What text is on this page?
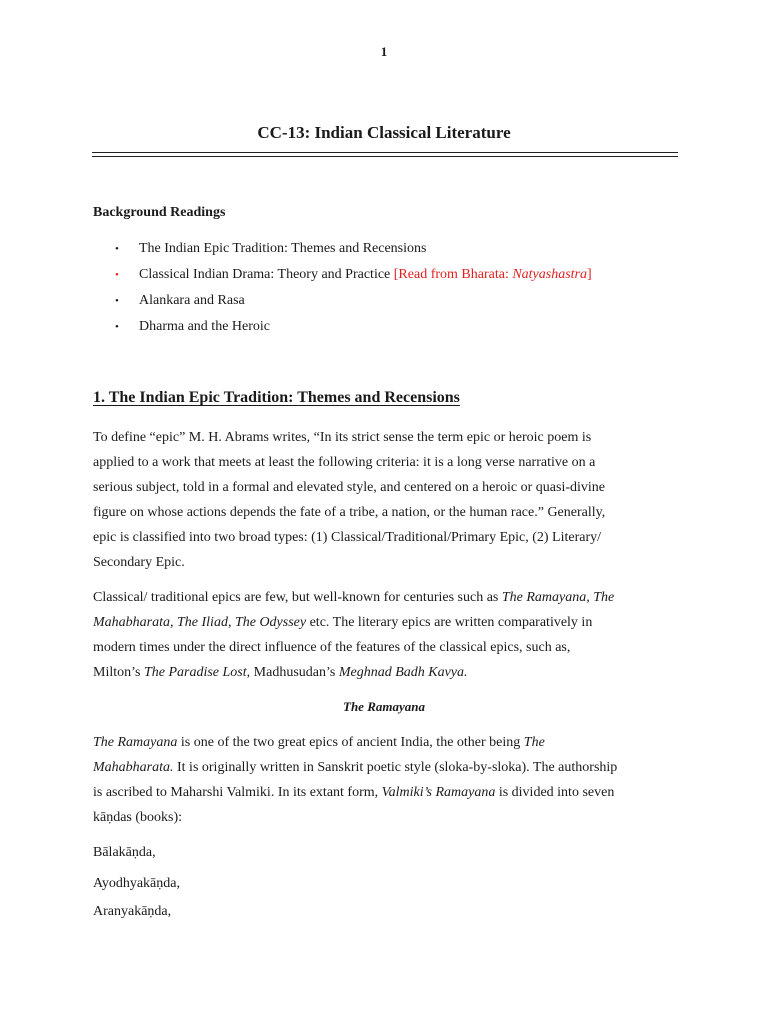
1
CC-13: Indian Classical Literature
Background Readings
• The Indian Epic Tradition: Themes and Recensions
• Classical Indian Drama: Theory and Practice [Read from Bharata: Natyashastra]
• Alankara and Rasa
• Dharma and the Heroic
1. The Indian Epic Tradition: Themes and Recensions

To define “epic” M. H. Abrams writes, “In its strict sense the term epic or heroic poem is
applied to a work that meets at least the following criteria: it is a long verse narrative on a
serious subject, told in a formal and elevated style, and centered on a heroic or quasi-divine
figure on whose actions depends the fate of a tribe, a nation, or the human race.” Generally,
epic is classified into two broad types: (1) Classical/Traditional/Primary Epic, (2) Literary/
Secondary Epic.

Classical/ traditional epics are few, but well-known for centuries such as The Ramayana, The
Mahabharata, The Iliad, The Odyssey etc. The literary epics are written comparatively in
modern times under the direct influence of the features of the classical epics, such as,
Milton’s The Paradise Lost, Madhusudan’s Meghnad Badh Kavya.

The Ramayana

The Ramayana is one of the two great epics of ancient India, the other being The
Mahabharata. It is originally written in Sanskrit poetic style (sloka-by-sloka). The authorship
is ascribed to Maharshi Valmiki. In its extant form, Valmiki’s Ramayana is divided into seven
kāṇdas (books):

Bālakāṇda,
Ayodhyakāṇda,
Aranyakāṇda,
